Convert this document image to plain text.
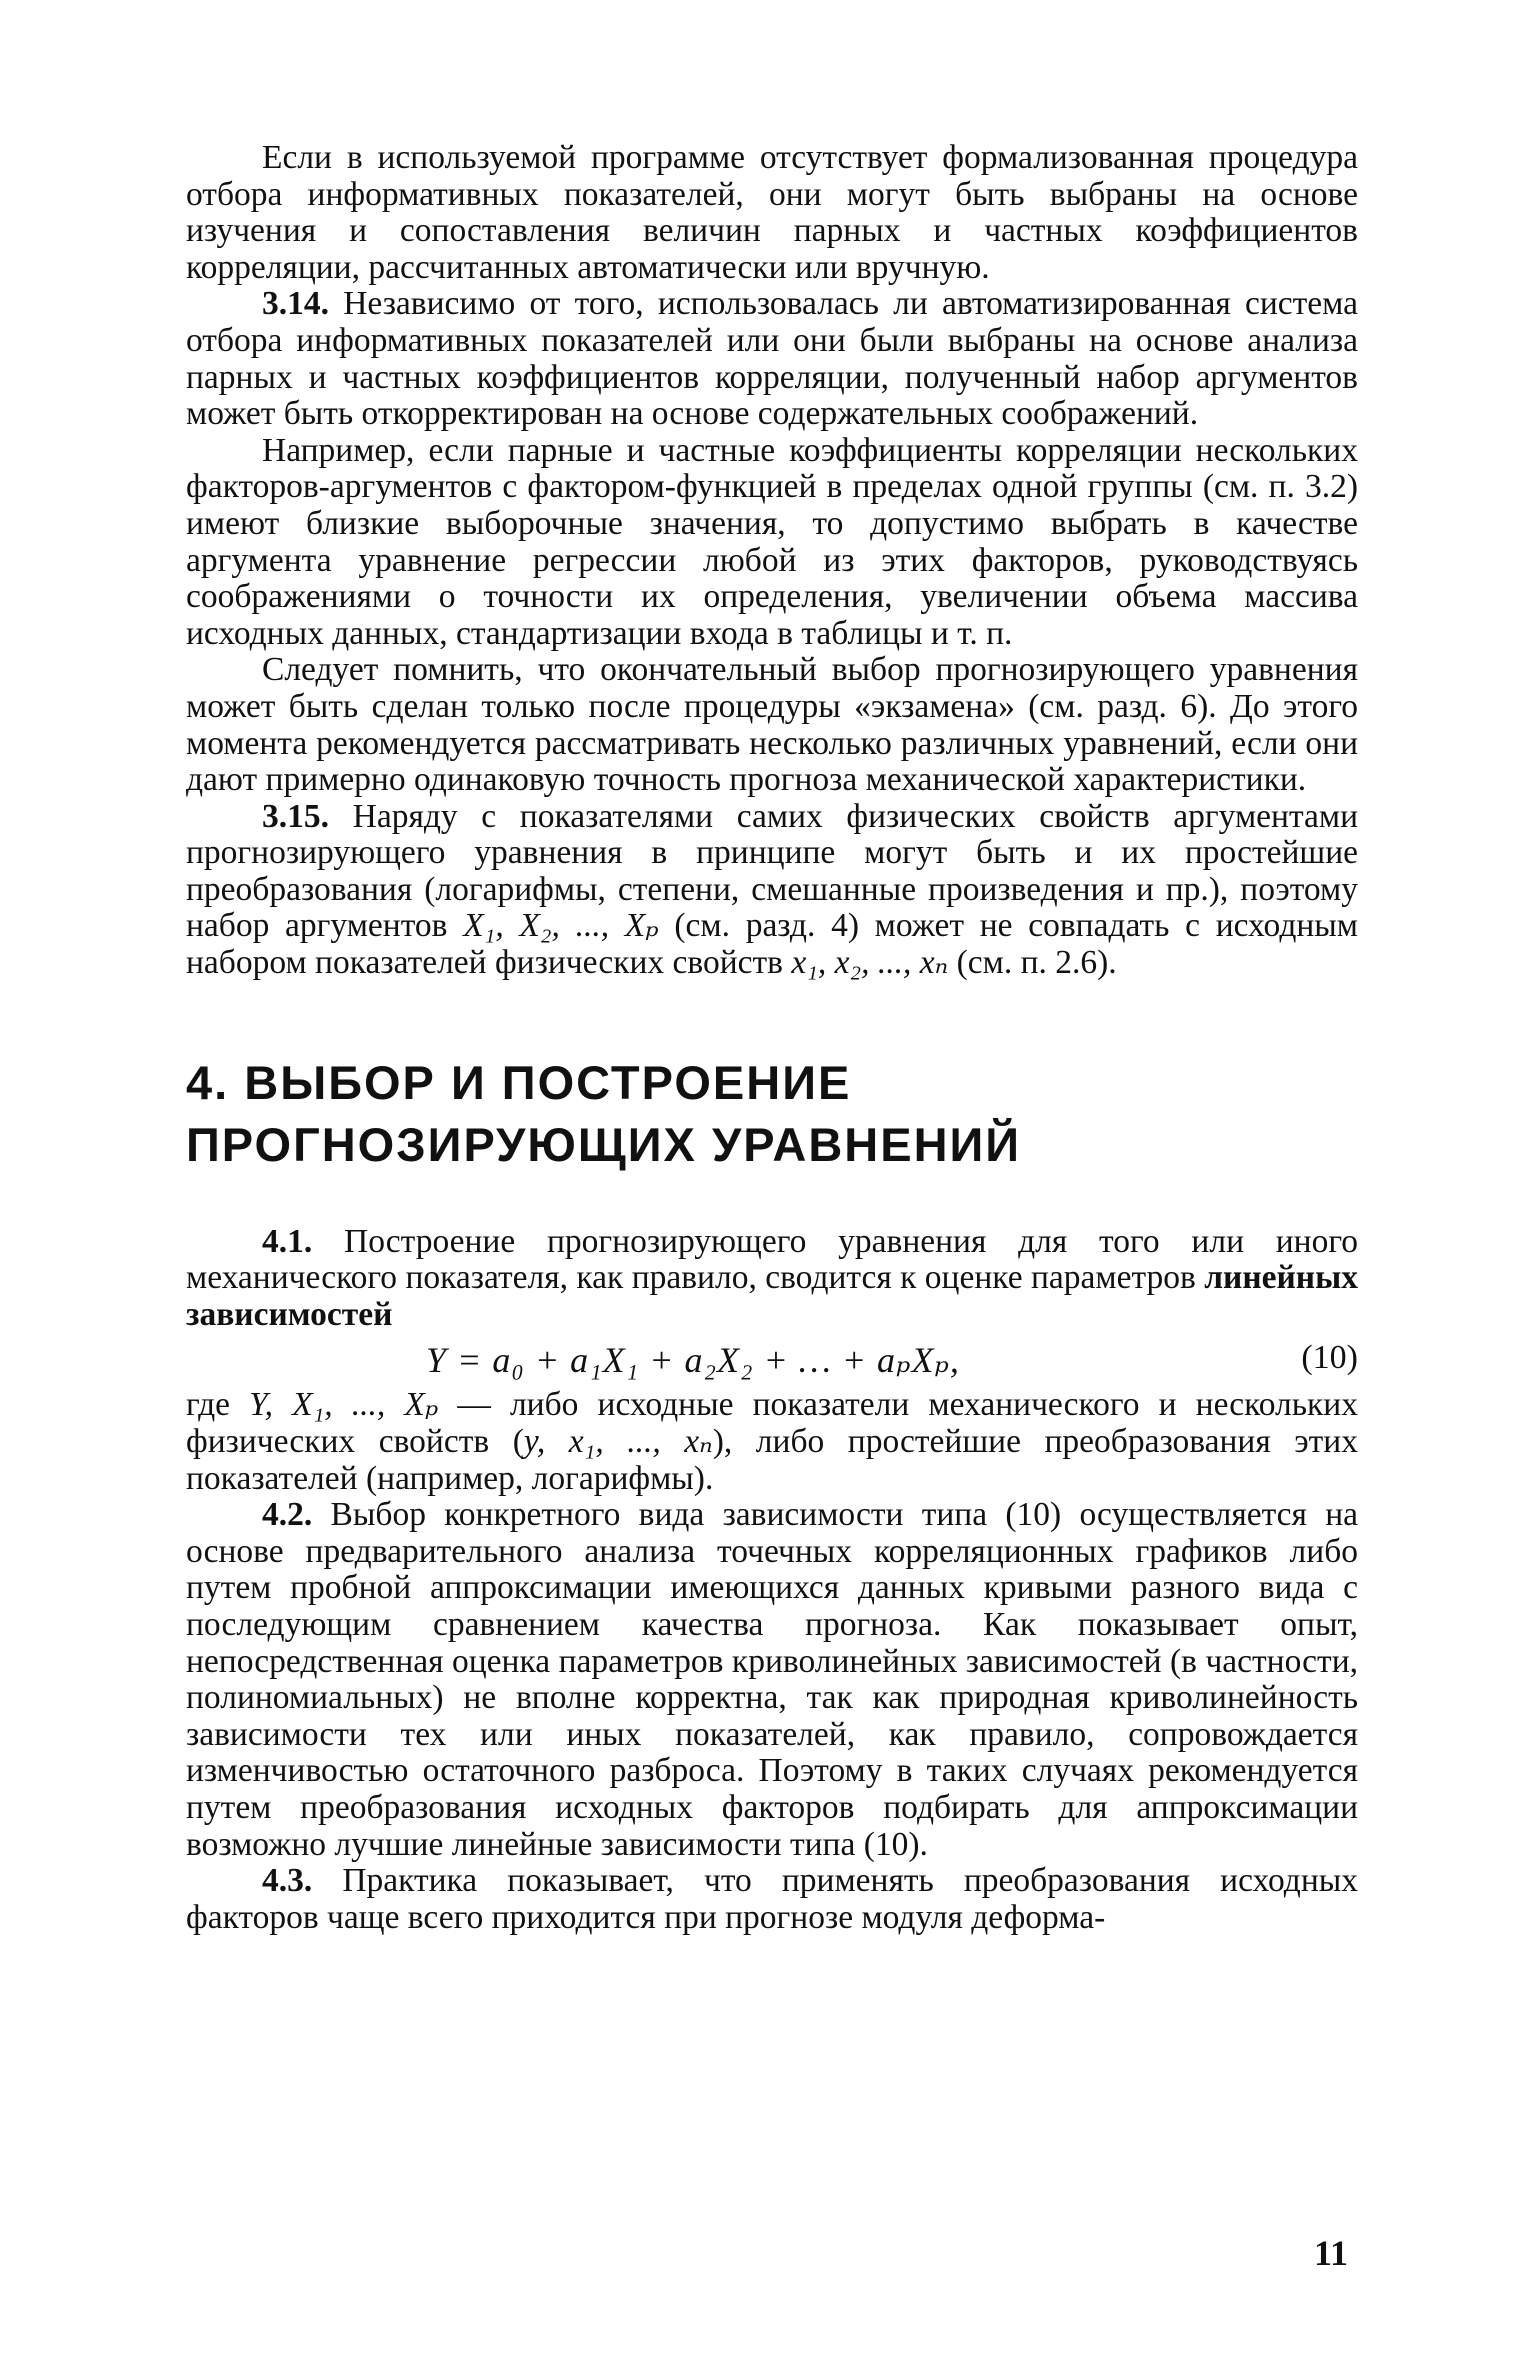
Если в используемой программе отсутствует формализованная процедура отбора информативных показателей, они могут быть выбраны на основе изучения и сопоставления величин парных и частных коэффициентов корреляции, рассчитанных автоматически или вручную.

3.14. Независимо от того, использовалась ли автоматизированная система отбора информативных показателей или они были выбраны на основе анализа парных и частных коэффициентов корреляции, полученный набор аргументов может быть откорректирован на основе содержательных соображений.

Например, если парные и частные коэффициенты корреляции нескольких факторов-аргументов с фактором-функцией в пределах одной группы (см. п. 3.2) имеют близкие выборочные значения, то допустимо выбрать в качестве аргумента уравнение регрессии любой из этих факторов, руководствуясь соображениями о точности их определения, увеличении объема массива исходных данных, стандартизации входа в таблицы и т. п.

Следует помнить, что окончательный выбор прогнозирующего уравнения может быть сделан только после процедуры «экзамена» (см. разд. 6). До этого момента рекомендуется рассматривать несколько различных уравнений, если они дают примерно одинаковую точность прогноза механической характеристики.

3.15. Наряду с показателями самих физических свойств аргументами прогнозирующего уравнения в принципе могут быть и их простейшие преобразования (логарифмы, степени, смешанные произведения и пр.), поэтому набор аргументов X₁, X₂, ..., Xₚ (см. разд. 4) может не совпадать с исходным набором показателей физических свойств x₁, x₂, ..., xₙ (см. п. 2.6).

4. ВЫБОР И ПОСТРОЕНИЕ ПРОГНОЗИРУЮЩИХ УРАВНЕНИЙ

4.1. Построение прогнозирующего уравнения для того или иного механического показателя, как правило, сводится к оценке параметров линейных зависимостей

Y = a₀ + a₁X₁ + a₂X₂ + … + aₚXₚ,	(10)

где Y, X₁, ..., Xₚ — либо исходные показатели механического и нескольких физических свойств (y, x₁, ..., xₙ), либо простейшие преобразования этих показателей (например, логарифмы).

4.2. Выбор конкретного вида зависимости типа (10) осуществляется на основе предварительного анализа точечных корреляционных графиков либо путем пробной аппроксимации имеющихся данных кривыми разного вида с последующим сравнением качества прогноза. Как показывает опыт, непосредственная оценка параметров криволинейных зависимостей (в частности, полиномиальных) не вполне корректна, так как природная криволинейность зависимости тех или иных показателей, как правило, сопровождается изменчивостью остаточного разброса. Поэтому в таких случаях рекомендуется путем преобразования исходных факторов подбирать для аппроксимации возможно лучшие линейные зависимости типа (10).

4.3. Практика показывает, что применять преобразования исходных факторов чаще всего приходится при прогнозе модуля деформа-

11
